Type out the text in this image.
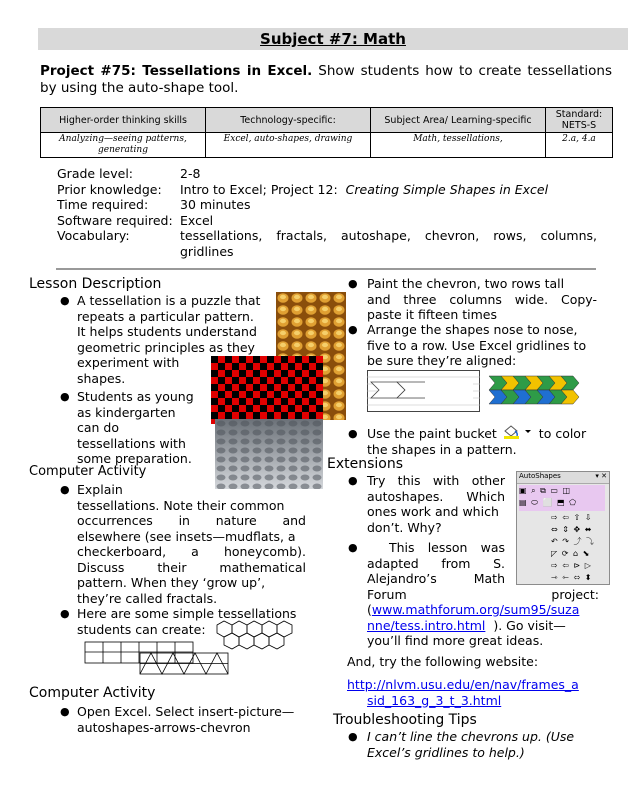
Subject #7: Math
Project #75: Tessellations in Excel. Show students how to create tessellations by using the auto-shape tool.
Higher-order thinking skills	Technology-specific:	Subject Area/ Learning-specific	Standard: NETS-S
Analyzing—seeing patterns, generating	Excel, auto-shapes, drawing	Math, tessellations,	2.a, 4.a
Grade level:	2-8
Prior knowledge:	Intro to Excel; Project 12: Creating Simple Shapes in Excel
Time required:	30 minutes
Software required: Excel
Vocabulary:	tessellations, fractals, autoshape, chevron, rows, columns, gridlines
Lesson Description
● A tessellation is a puzzle that
repeats a particular pattern.
It helps students understand
geometric principles as they
experiment with
shapes.
● Students as young
as kindergarten
can do
tessellations with
some preparation.
Computer Activity
● Explain
tessellations. Note their common
occurrences in nature and
elsewhere (see insets—mudflats, a
checkerboard, a honeycomb).
Discuss their mathematical
pattern. When they ‘grow up’,
they’re called fractals.
● Here are some simple tessellations
students can create:
Computer Activity
● Open Excel. Select insert-picture—
autoshapes-arrows-chevron
● Paint the chevron, two rows tall
and three columns wide. Copy-
paste it fifteen times
● Arrange the shapes nose to nose,
five to a row. Use Excel gridlines to
be sure they’re aligned:
● Use the paint bucket	to color
the shapes in a pattern.
Extensions
● Try this with other
autoshapes. Which
ones work and which
don’t. Why?
●	This lesson was
adapted from S.
Alejandro’s Math
Forum project:
(www.mathforum.org/sum95/suza
nne/tess.intro.html ). Go visit—
you’ll find more great ideas.
AutoShapes	▾ ✕
▣ ⌕ ⧉ ▭ ◫
▤ ⬭ ⬜ ⬒ ⬠
⇨ ⇦ ⇧ ⇩
⇔ ⇕ ✥ ⬌
↶ ↷ ⤴ ⤵
◸ ⟳ ⌂ ⬊
⇨ ⇦ ⊳ ▷
⇾ ⇽ ⬄ ⬍
And, try the following website:
http://nlvm.usu.edu/en/nav/frames_a
sid_163_g_3_t_3.html
Troubleshooting Tips
● I can’t line the chevrons up. (Use
Excel’s gridlines to help.)
